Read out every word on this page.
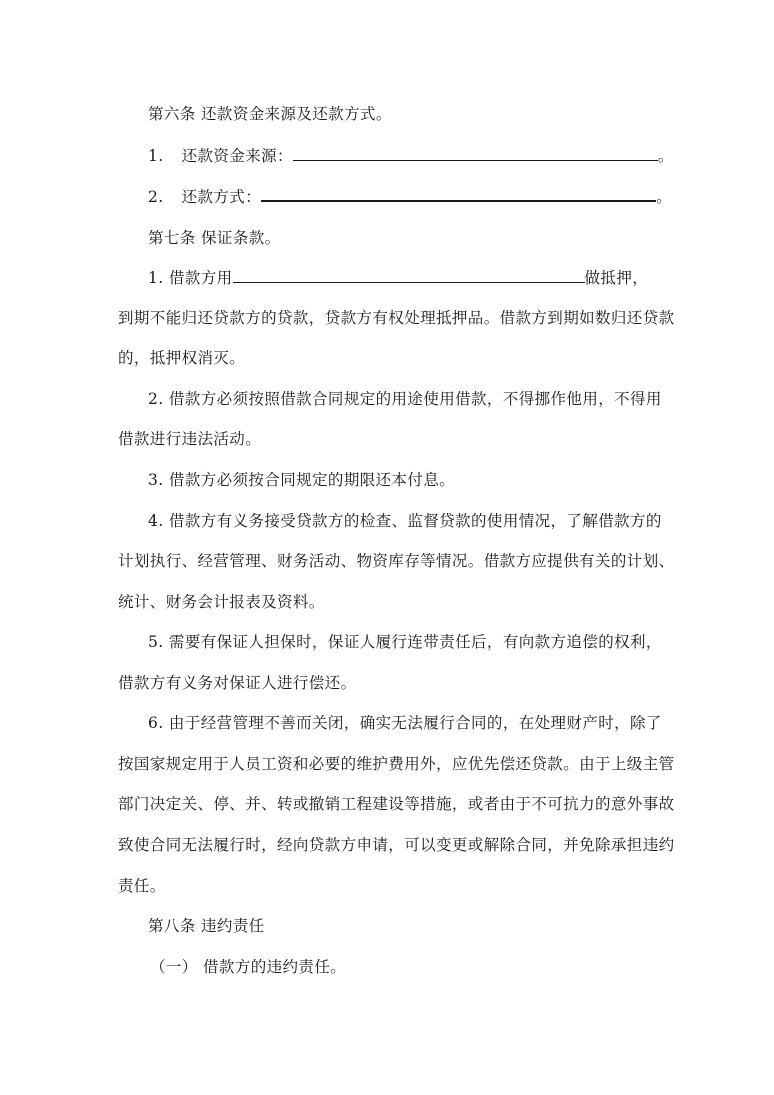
第六条 还款资金来源及还款方式。
1. 还款资金来源：	。
2. 还款方式：	。
第七条 保证条款。
1. 借款方用	做抵押，
到期不能归还贷款方的贷款，贷款方有权处理抵押品。借款方到期如数归还贷款
的，抵押权消灭。
2. 借款方必须按照借款合同规定的用途使用借款，不得挪作他用，不得用
借款进行违法活动。
3. 借款方必须按合同规定的期限还本付息。
4. 借款方有义务接受贷款方的检查、监督贷款的使用情况，了解借款方的
计划执行、经营管理、财务活动、物资库存等情况。借款方应提供有关的计划、
统计、财务会计报表及资料。
5. 需要有保证人担保时，保证人履行连带责任后，有向款方追偿的权利，
借款方有义务对保证人进行偿还。
6. 由于经营管理不善而关闭，确实无法履行合同的，在处理财产时，除了
按国家规定用于人员工资和必要的维护费用外，应优先偿还贷款。由于上级主管
部门决定关、停、并、转或撤销工程建设等措施，或者由于不可抗力的意外事故
致使合同无法履行时，经向贷款方申请，可以变更或解除合同，并免除承担违约
责任。
第八条 违约责任
（一） 借款方的违约责任。
